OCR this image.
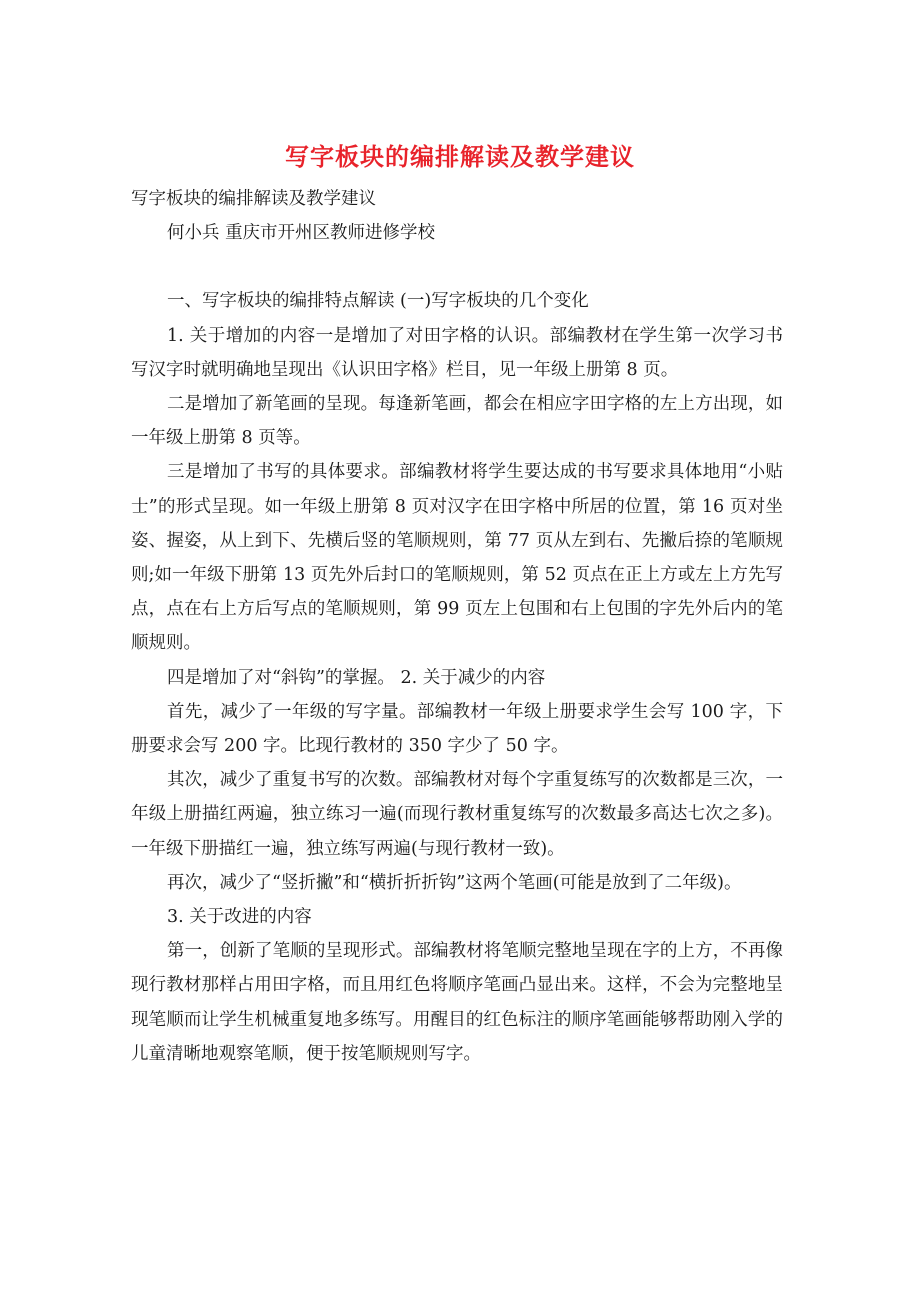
写字板块的编排解读及教学建议

写字板块的编排解读及教学建议

何小兵 重庆市开州区教师进修学校

一、写字板块的编排特点解读 (一)写字板块的几个变化

1. 关于增加的内容一是增加了对田字格的认识。部编教材在学生第一次学习书写汉字时就明确地呈现出《认识田字格》栏目，见一年级上册第 8 页。

二是增加了新笔画的呈现。每逢新笔画，都会在相应字田字格的左上方出现，如一年级上册第 8 页等。

三是增加了书写的具体要求。部编教材将学生要达成的书写要求具体地用“小贴士”的形式呈现。如一年级上册第 8 页对汉字在田字格中所居的位置，第 16 页对坐姿、握姿，从上到下、先横后竖的笔顺规则，第 77 页从左到右、先撇后捺的笔顺规则;如一年级下册第 13 页先外后封口的笔顺规则，第 52 页点在正上方或左上方先写点，点在右上方后写点的笔顺规则，第 99 页左上包围和右上包围的字先外后内的笔顺规则。

四是增加了对“斜钩”的掌握。 2. 关于减少的内容

首先，减少了一年级的写字量。部编教材一年级上册要求学生会写 100 字，下册要求会写 200 字。比现行教材的 350 字少了 50 字。

其次，减少了重复书写的次数。部编教材对每个字重复练写的次数都是三次，一年级上册描红两遍，独立练习一遍(而现行教材重复练写的次数最多高达七次之多)。一年级下册描红一遍，独立练写两遍(与现行教材一致)。

再次，减少了“竖折撇”和“横折折折钩”这两个笔画(可能是放到了二年级)。

3. 关于改进的内容

第一，创新了笔顺的呈现形式。部编教材将笔顺完整地呈现在字的上方，不再像现行教材那样占用田字格，而且用红色将顺序笔画凸显出来。这样，不会为完整地呈现笔顺而让学生机械重复地多练写。用醒目的红色标注的顺序笔画能够帮助刚入学的儿童清晰地观察笔顺，便于按笔顺规则写字。
